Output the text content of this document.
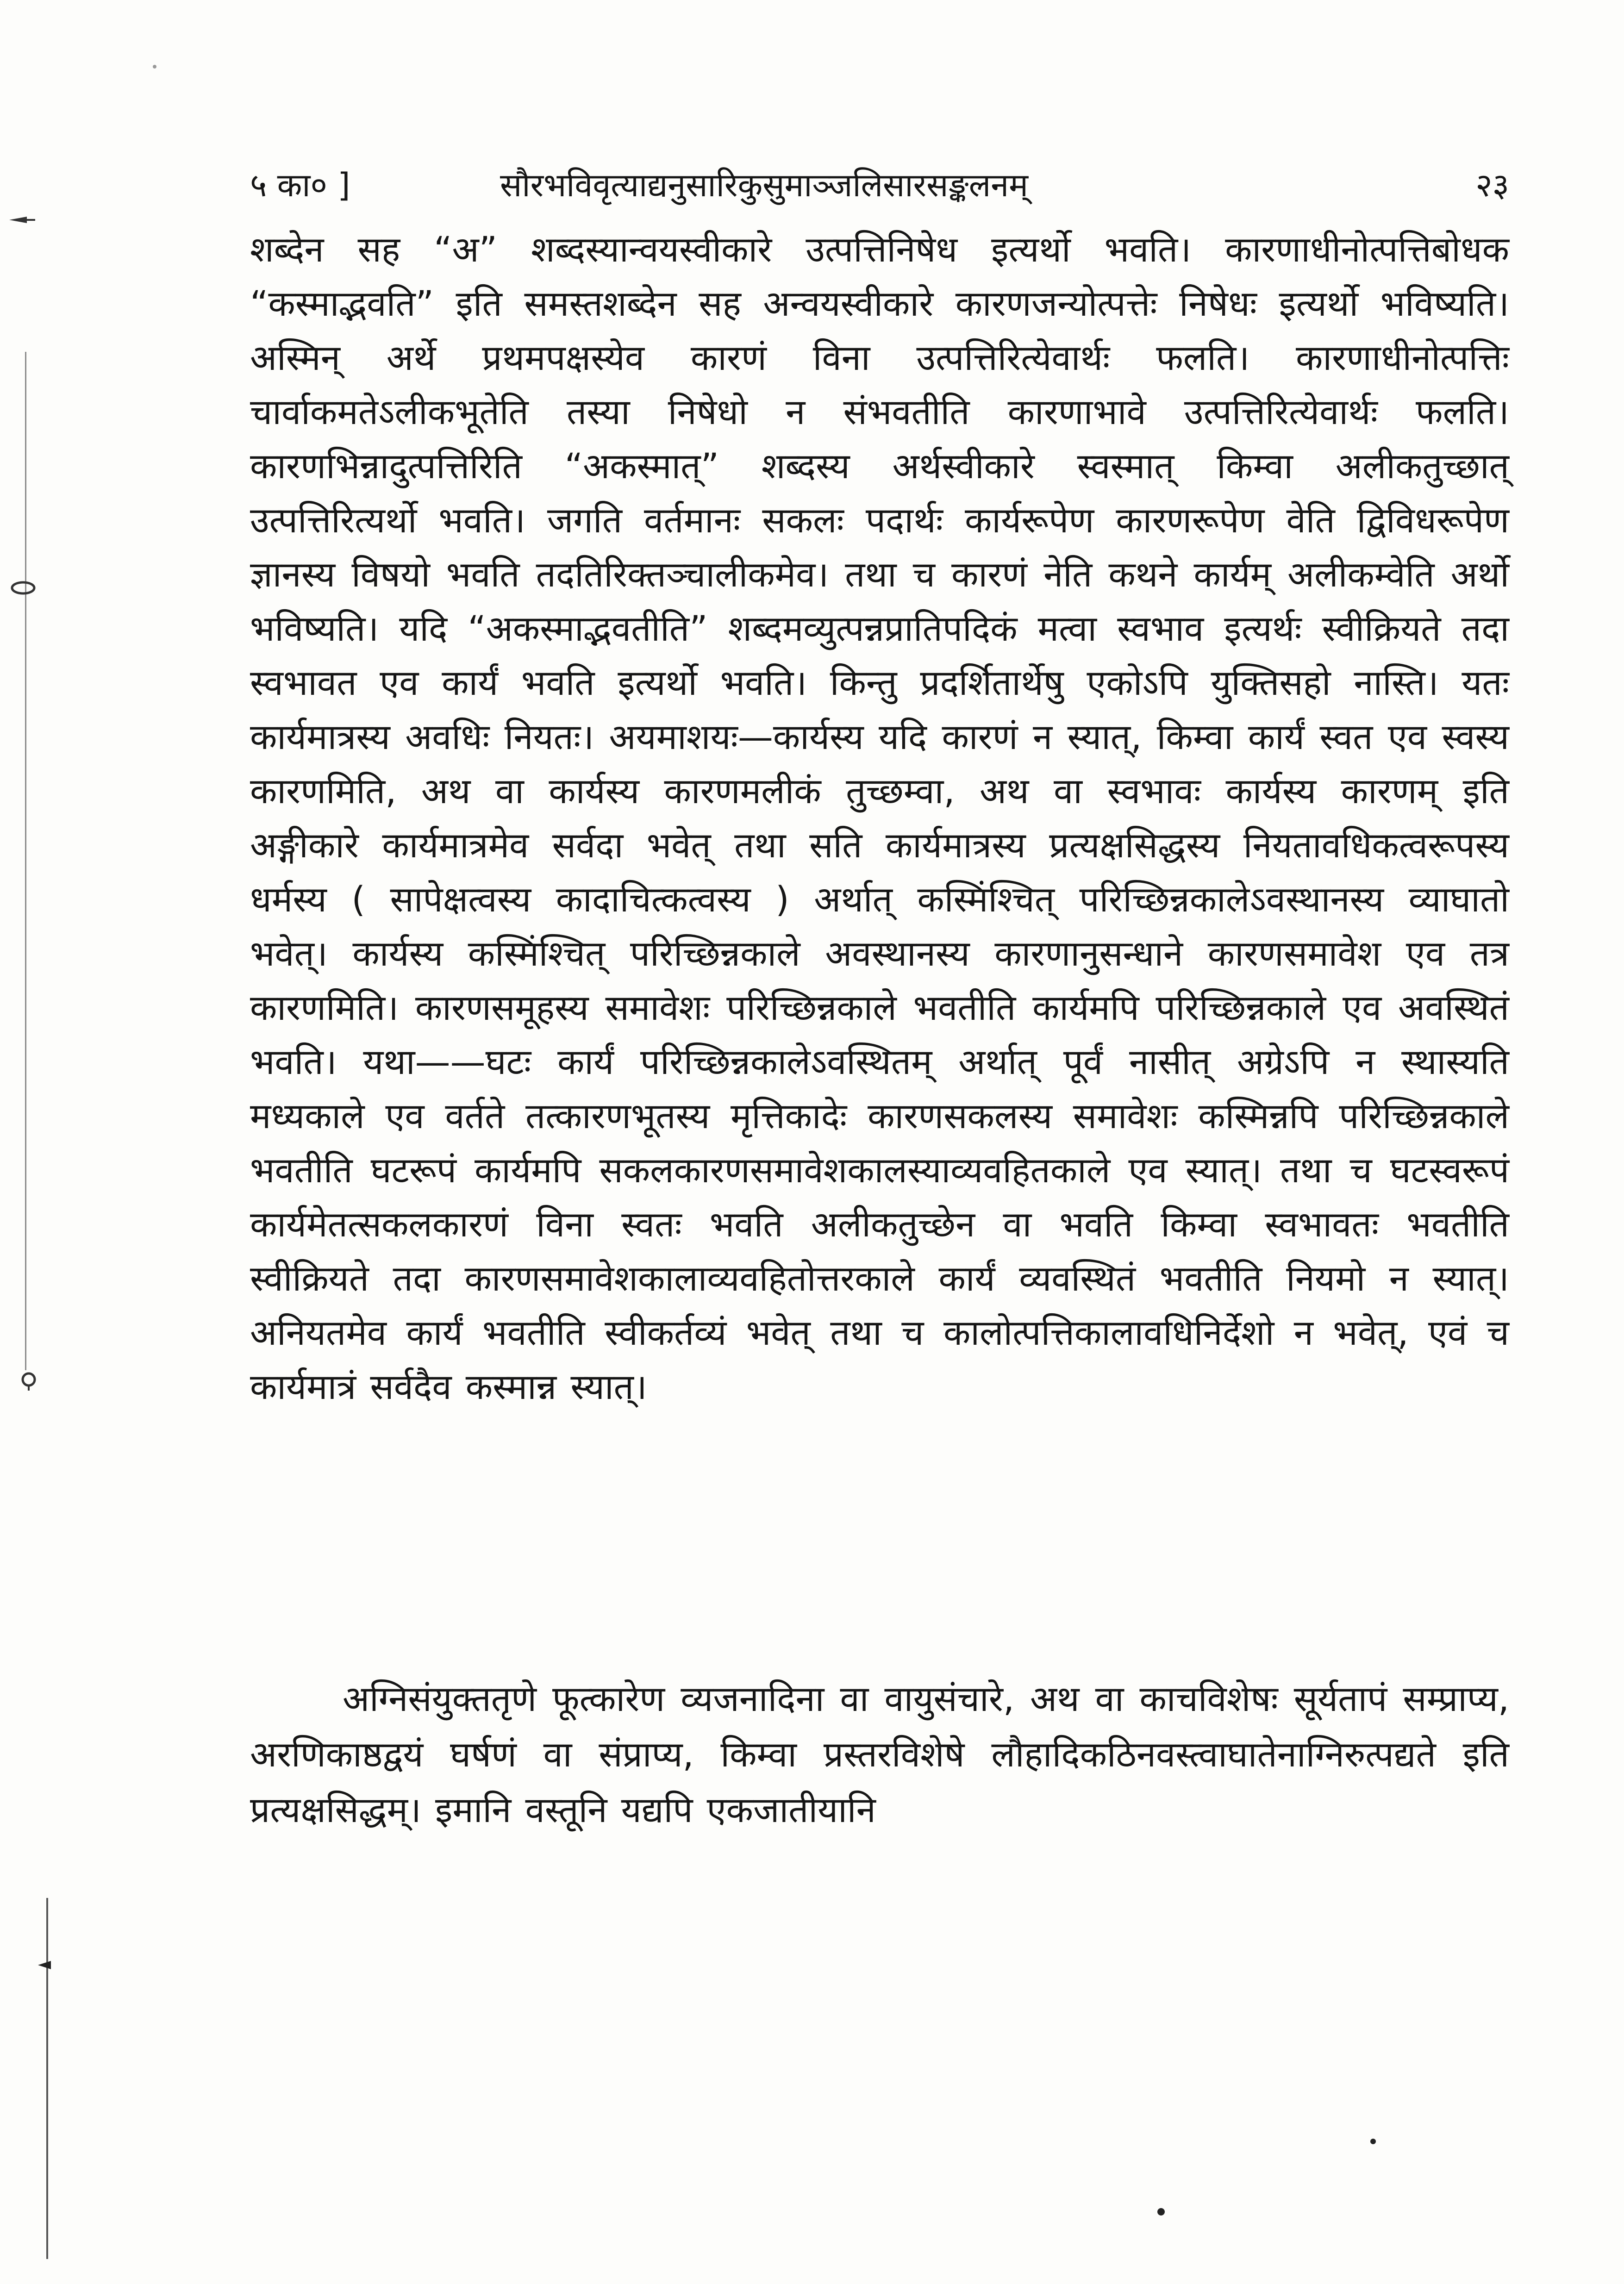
५ का० ]	सौरभविवृत्याद्यनुसारिकुसुमाञ्जलिसारसङ्कलनम्	२३

शब्देन सह “अ” शब्दस्यान्वयस्वीकारे उत्पत्तिनिषेध इत्यर्थो भवति। कारणाधीनोत्पत्तिबोधक “कस्माद्भवति” इति समस्तशब्देन सह अन्वयस्वीकारे कारणजन्योत्पत्तेः निषेधः इत्यर्थो भविष्यति। अस्मिन् अर्थे प्रथमपक्षस्येव कारणं विना उत्पत्तिरित्येवार्थः फलति। कारणाधीनोत्पत्तिः चार्वाकमतेऽलीकभूतेति तस्या निषेधो न संभवतीति कारणाभावे उत्पत्तिरित्येवार्थः फलति। कारणभिन्नादुत्पत्तिरिति “अकस्मात्” शब्दस्य अर्थस्वीकारे स्वस्मात् किम्वा अलीकतुच्छात् उत्पत्तिरित्यर्थो भवति। जगति वर्तमानः सकलः पदार्थः कार्यरूपेण कारणरूपेण वेति द्विविधरूपेण ज्ञानस्य विषयो भवति तदतिरिक्तञ्चालीकमेव। तथा च कारणं नेति कथने कार्यम् अलीकम्वेति अर्थो भविष्यति। यदि “अकस्माद्भवतीति” शब्दमव्युत्पन्नप्रातिपदिकं मत्वा स्वभाव इत्यर्थः स्वीक्रियते तदा स्वभावत एव कार्यं भवति इत्यर्थो भवति। किन्तु प्रदर्शितार्थेषु एकोऽपि युक्तिसहो नास्ति। यतः कार्यमात्रस्य अवधिः नियतः। अयमाशयः—कार्यस्य यदि कारणं न स्यात्, किम्वा कार्यं स्वत एव स्वस्य कारणमिति, अथ वा कार्यस्य कारणमलीकं तुच्छम्वा, अथ वा स्वभावः कार्यस्य कारणम् इति अङ्गीकारे कार्यमात्रमेव सर्वदा भवेत् तथा सति कार्यमात्रस्य प्रत्यक्षसिद्धस्य नियतावधिकत्वरूपस्य धर्मस्य ( सापेक्षत्वस्य कादाचित्कत्वस्य ) अर्थात् कस्मिंश्चित् परिच्छिन्नकालेऽवस्थानस्य व्याघातो भवेत्। कार्यस्य कस्मिंश्चित् परिच्छिन्नकाले अवस्थानस्य कारणानुसन्धाने कारणसमावेश एव तत्र कारणमिति। कारणसमूहस्य समावेशः परिच्छिन्नकाले भवतीति कार्यमपि परिच्छिन्नकाले एव अवस्थितं भवति। यथा——घटः कार्यं परिच्छिन्नकालेऽवस्थितम् अर्थात् पूर्वं नासीत् अग्रेऽपि न स्थास्यति मध्यकाले एव वर्तते तत्कारणभूतस्य मृत्तिकादेः कारणसकलस्य समावेशः कस्मिन्नपि परिच्छिन्नकाले भवतीति घटरूपं कार्यमपि सकलकारणसमावेशकालस्याव्यवहितकाले एव स्यात्। तथा च घटस्वरूपं कार्यमेतत्सकलकारणं विना स्वतः भवति अलीकतुच्छेन वा भवति किम्वा स्वभावतः भवतीति स्वीक्रियते तदा कारणसमावेशकालाव्यवहितोत्तरकाले कार्यं व्यवस्थितं भवतीति नियमो न स्यात्। अनियतमेव कार्यं भवतीति स्वीकर्तव्यं भवेत् तथा च कालोत्पत्तिकालावधिनिर्देशो न भवेत्, एवं च कार्यमात्रं सर्वदैव कस्मान्न स्यात्।

अग्निसंयुक्ततृणे फूत्कारेण व्यजनादिना वा वायुसंचारे, अथ वा काचविशेषः सूर्यतापं सम्प्राप्य, अरणिकाष्ठद्वयं घर्षणं वा संप्राप्य, किम्वा प्रस्तरविशेषे लौहादिकठिनवस्त्वाघातेनाग्निरुत्पद्यते इति प्रत्यक्षसिद्धम्। इमानि वस्तूनि यद्यपि एकजातीयानि
